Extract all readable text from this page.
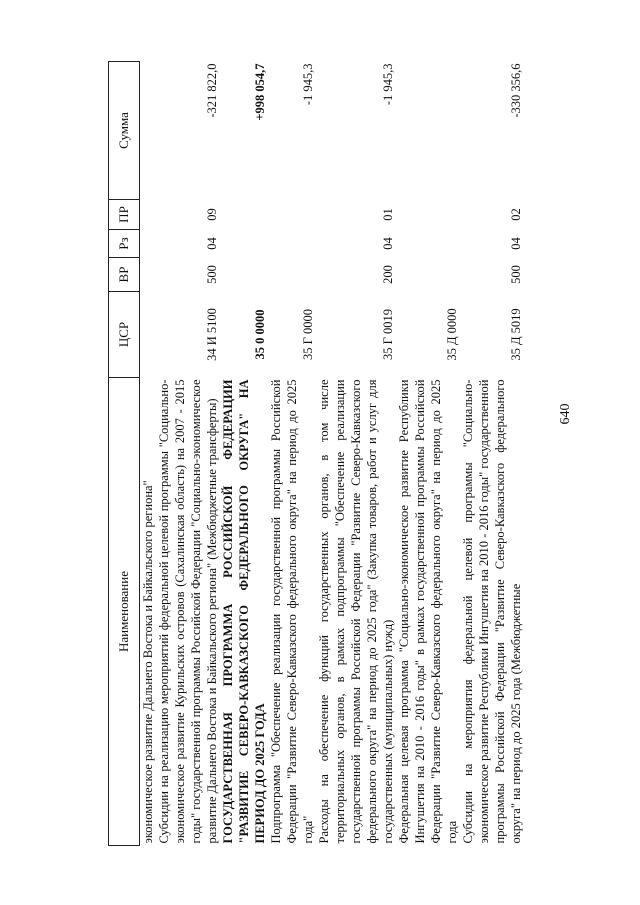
640
Наименование	ЦСР	ВР	Рз	ПР	Сумма
экономическое развитие Дальнего Востока и Байкальского региона"					
Субсидии на реализацию мероприятий федеральной целевой программы "Социально-экономическое развитие Курильских островов (Сахалинская область) на 2007 - 2015 годы" государственной программы Российской Федерации "Социально-экономическое развитие Дальнего Востока и Байкальского региона" (Межбюджетные трансферты)	34 И 5100	500	04	09	-321 822,0
ГОСУДАРСТВЕННАЯ ПРОГРАММА РОССИЙСКОЙ ФЕДЕРАЦИИ "РАЗВИТИЕ СЕВЕРО-КАВКАЗСКОГО ФЕДЕРАЛЬНОГО ОКРУГА" НА ПЕРИОД ДО 2025 ГОДА	35 0 0000				+998 054,7
Подпрограмма "Обеспечение реализации государственной программы Российской Федерации "Развитие Северо-Кавказского федерального округа" на период до 2025 года"	35 Г 0000				-1 945,3
Расходы на обеспечение функций государственных органов, в том числе территориальных органов, в рамках подпрограммы "Обеспечение реализации государственной программы Российской Федерации "Развитие Северо-Кавказского федерального округа" на период до 2025 года" (Закупка товаров, работ и услуг для государственных (муниципальных) нужд)	35 Г 0019	200	04	01	-1 945,3
Федеральная целевая программа "Социально-экономическое развитие Республики Ингушетия на 2010 - 2016 годы" в рамках государственной программы Российской Федерации "Развитие Северо-Кавказского федерального округа" на период до 2025 года	35 Д 0000				
Субсидии на мероприятия федеральной целевой программы "Социально-экономическое развитие Республики Ингушетия на 2010 - 2016 годы" государственной программы Российской Федерации "Развитие Северо-Кавказского федерального округа" на период до 2025 года (Межбюджетные	35 Д 5019	500	04	02	-330 356,6
